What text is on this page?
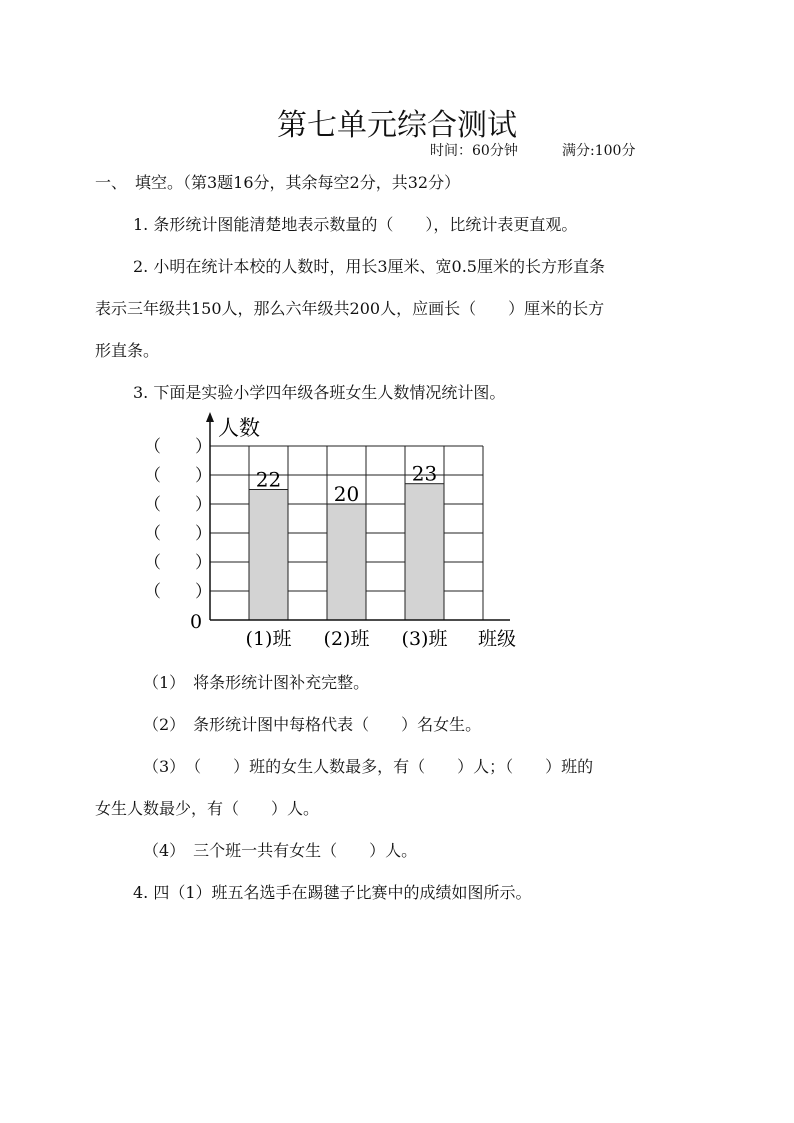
第七单元综合测试
时间：60分钟	满分:100分
一、　填空。（第3题16分，其余每空2分，共32分）
1. 条形统计图能清楚地表示数量的（　　），比统计表更直观。
2. 小明在统计本校的人数时，用长3厘米、宽0.5厘米的长方形直条
表示三年级共150人，那么六年级共200人，应画长（　　）厘米的长方
形直条。
3. 下面是实验小学四年级各班女生人数情况统计图。
22
(1)班
20
(2)班
23
(3)班
（　　）
（　　）
（　　）
（　　）
（　　）
（　　）
0
人数
班级
（1）　将条形统计图补充完整。
（2）　条形统计图中每格代表（　　）名女生。
（3）　（　　）班的女生人数最多，有（　　）人；（　　）班的
女生人数最少，有（　　）人。
（4）　三个班一共有女生（　　）人。
4. 四（1）班五名选手在踢毽子比赛中的成绩如图所示。
